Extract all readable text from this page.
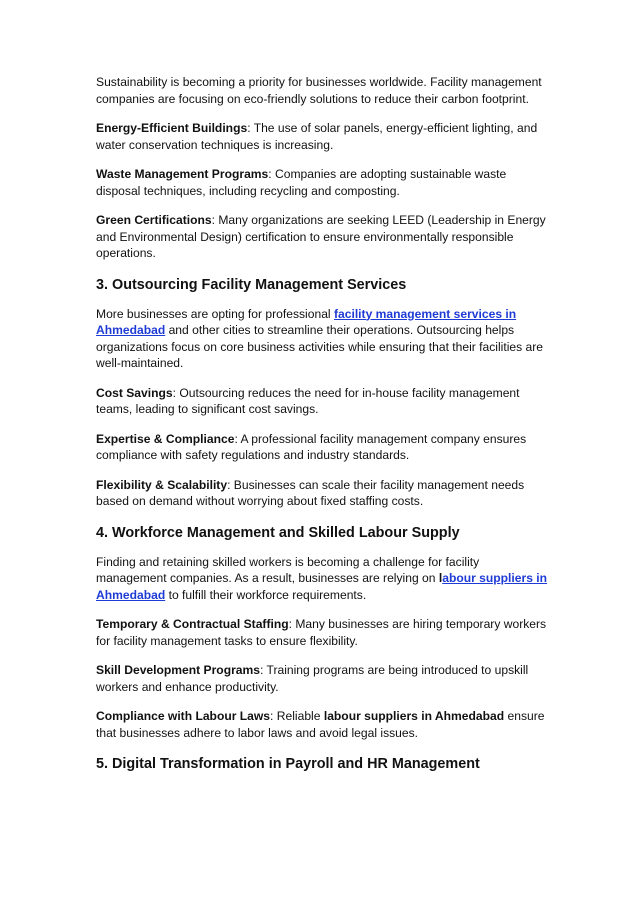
Sustainability is becoming a priority for businesses worldwide. Facility management companies are focusing on eco-friendly solutions to reduce their carbon footprint.

Energy-Efficient Buildings: The use of solar panels, energy-efficient lighting, and water conservation techniques is increasing.

Waste Management Programs: Companies are adopting sustainable waste disposal techniques, including recycling and composting.

Green Certifications: Many organizations are seeking LEED (Leadership in Energy and Environmental Design) certification to ensure environmentally responsible operations.

3. Outsourcing Facility Management Services

More businesses are opting for professional facility management services in Ahmedabad and other cities to streamline their operations. Outsourcing helps organizations focus on core business activities while ensuring that their facilities are well-maintained.

Cost Savings: Outsourcing reduces the need for in-house facility management teams, leading to significant cost savings.

Expertise & Compliance: A professional facility management company ensures compliance with safety regulations and industry standards.

Flexibility & Scalability: Businesses can scale their facility management needs based on demand without worrying about fixed staffing costs.

4. Workforce Management and Skilled Labour Supply

Finding and retaining skilled workers is becoming a challenge for facility management companies. As a result, businesses are relying on labour suppliers in Ahmedabad to fulfill their workforce requirements.

Temporary & Contractual Staffing: Many businesses are hiring temporary workers for facility management tasks to ensure flexibility.

Skill Development Programs: Training programs are being introduced to upskill workers and enhance productivity.

Compliance with Labour Laws: Reliable labour suppliers in Ahmedabad ensure that businesses adhere to labor laws and avoid legal issues.

5. Digital Transformation in Payroll and HR Management
